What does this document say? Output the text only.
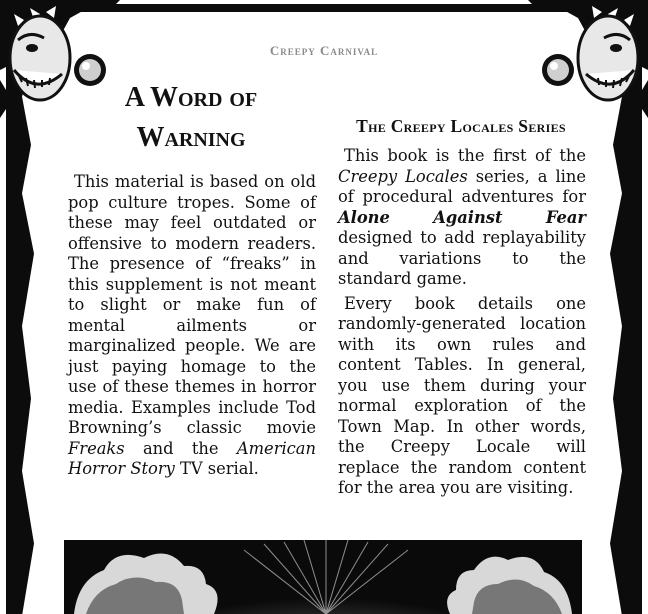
Creepy Carnival
A Word of Warning

This material is based on old pop culture tropes. Some of these may feel outdated or offensive to modern readers. The presence of “freaks” in this supplement is not meant to slight or make fun of mental ailments or marginalized people. We are just paying homage to the use of these themes in horror media. Examples include Tod Browning’s classic movie Freaks and the American Horror Story TV serial.

The Creepy Locales Series

This book is the first of the Creepy Locales series, a line of procedural adventures for Alone Against Fear designed to add replayability and variations to the standard game.

Every book details one randomly-generated location with its own rules and content Tables. In general, you use them during your normal exploration of the Town Map. In other words, the Creepy Locale will replace the random content for the area you are visiting.
